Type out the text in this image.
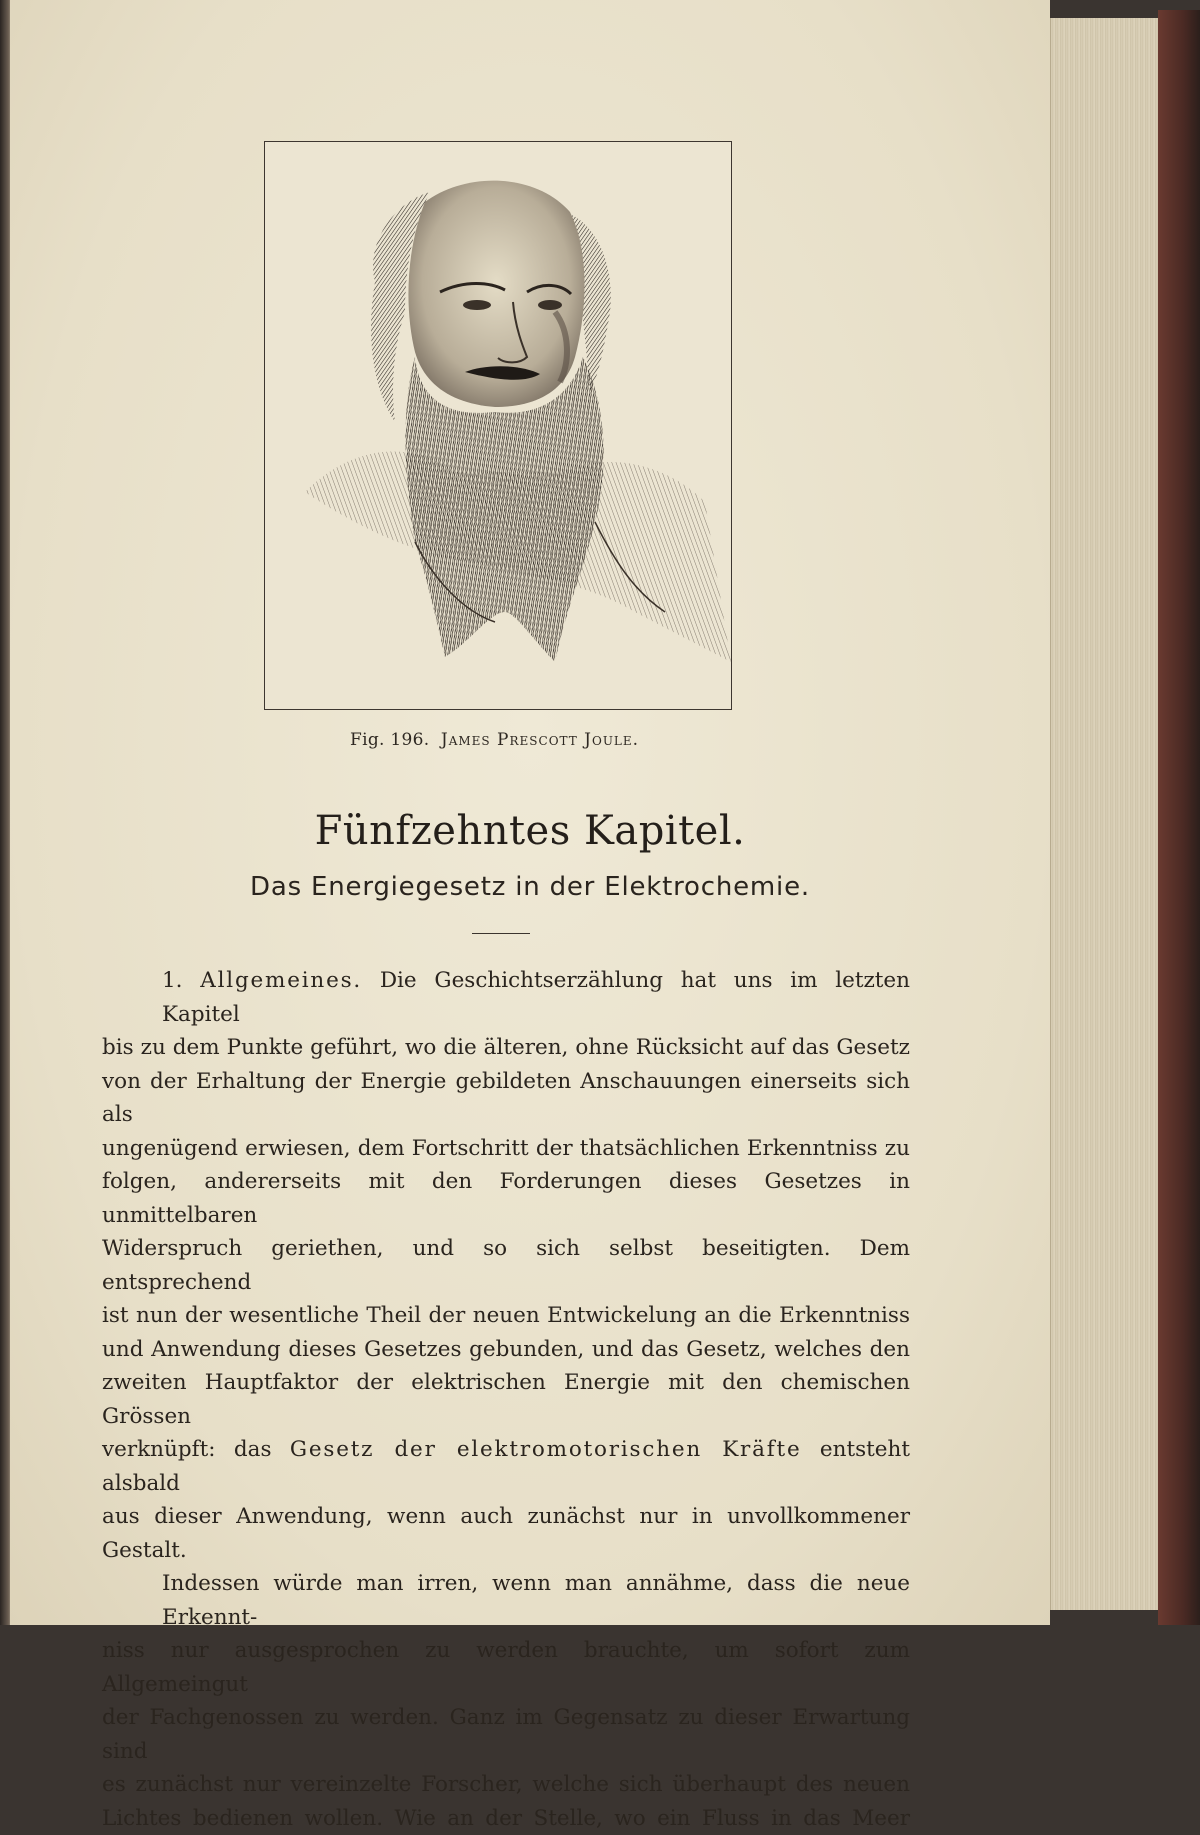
Fig. 196. James Prescott Joule.
Fünfzehntes Kapitel.
Das Energiegesetz in der Elektrochemie.
1. Allgemeines. Die Geschichtserzählung hat uns im letzten Kapitel
bis zu dem Punkte geführt, wo die älteren, ohne Rücksicht auf das Gesetz
von der Erhaltung der Energie gebildeten Anschauungen einerseits sich als
ungenügend erwiesen, dem Fortschritt der thatsächlichen Erkenntniss zu
folgen, andererseits mit den Forderungen dieses Gesetzes in unmittelbaren
Widerspruch geriethen, und so sich selbst beseitigten. Dem entsprechend
ist nun der wesentliche Theil der neuen Entwickelung an die Erkenntniss
und Anwendung dieses Gesetzes gebunden, und das Gesetz, welches den
zweiten Hauptfaktor der elektrischen Energie mit den chemischen Grössen
verknüpft: das Gesetz der elektromotorischen Kräfte entsteht alsbald
aus dieser Anwendung, wenn auch zunächst nur in unvollkommener Gestalt.
Indessen würde man irren, wenn man annähme, dass die neue Erkennt-
niss nur ausgesprochen zu werden brauchte, um sofort zum Allgemeingut
der Fachgenossen zu werden. Ganz im Gegensatz zu dieser Erwartung sind
es zunächst nur vereinzelte Forscher, welche sich überhaupt des neuen
Lichtes bedienen wollen. Wie an der Stelle, wo ein Fluss in das Meer
